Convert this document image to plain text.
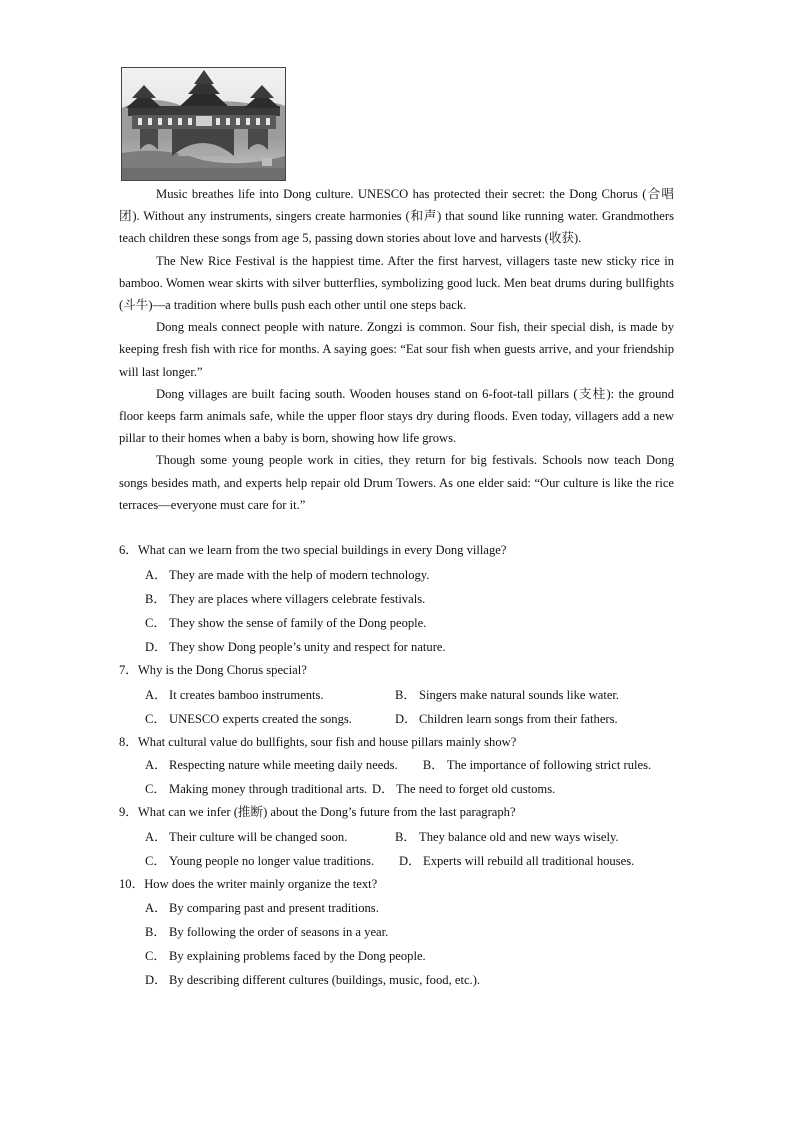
Music breathes life into Dong culture. UNESCO has protected their secret: the Dong Chorus (合唱团). Without any instruments, singers create harmonies (和声) that sound like running water. Grandmothers teach children these songs from age 5, passing down stories about love and harvests (收获).

The New Rice Festival is the happiest time. After the first harvest, villagers taste new sticky rice in bamboo. Women wear skirts with silver butterflies, symbolizing good luck. Men beat drums during bullfights (斗牛)—a tradition where bulls push each other until one steps back.

Dong meals connect people with nature. Zongzi is common. Sour fish, their special dish, is made by keeping fresh fish with rice for months. A saying goes: “Eat sour fish when guests arrive, and your friendship will last longer.”

Dong villages are built facing south. Wooden houses stand on 6-foot-tall pillars (支柱): the ground floor keeps farm animals safe, while the upper floor stays dry during floods. Even today, villagers add a new pillar to their homes when a baby is born, showing how life grows.

Though some young people work in cities, they return for big festivals. Schools now teach Dong songs besides math, and experts help repair old Drum Towers. As one elder said: “Our culture is like the rice terraces—everyone must care for it.”

6．What can we learn from the two special buildings in every Dong village?
A． They are made with the help of modern technology.
B． They are places where villagers celebrate festivals.
C． They show the sense of family of the Dong people.
D． They show Dong people’s unity and respect for nature.
7．Why is the Dong Chorus special?
A． It creates bamboo instruments.	B． Singers make natural sounds like water.
C． UNESCO experts created the songs.	D． Children learn songs from their fathers.
8．What cultural value do bullfights, sour fish and house pillars mainly show?
A． Respecting nature while meeting daily needs. B． The importance of following strict rules.
C． Making money through traditional arts. D． The need to forget old customs.
9．What can we infer (推断) about the Dong’s future from the last paragraph?
A． Their culture will be changed soon.	B． They balance old and new ways wisely.
C． Young people no longer value traditions.	D． Experts will rebuild all traditional houses.
10．How does the writer mainly organize the text?
A． By comparing past and present traditions.
B． By following the order of seasons in a year.
C． By explaining problems faced by the Dong people.
D． By describing different cultures (buildings, music, food, etc.).
